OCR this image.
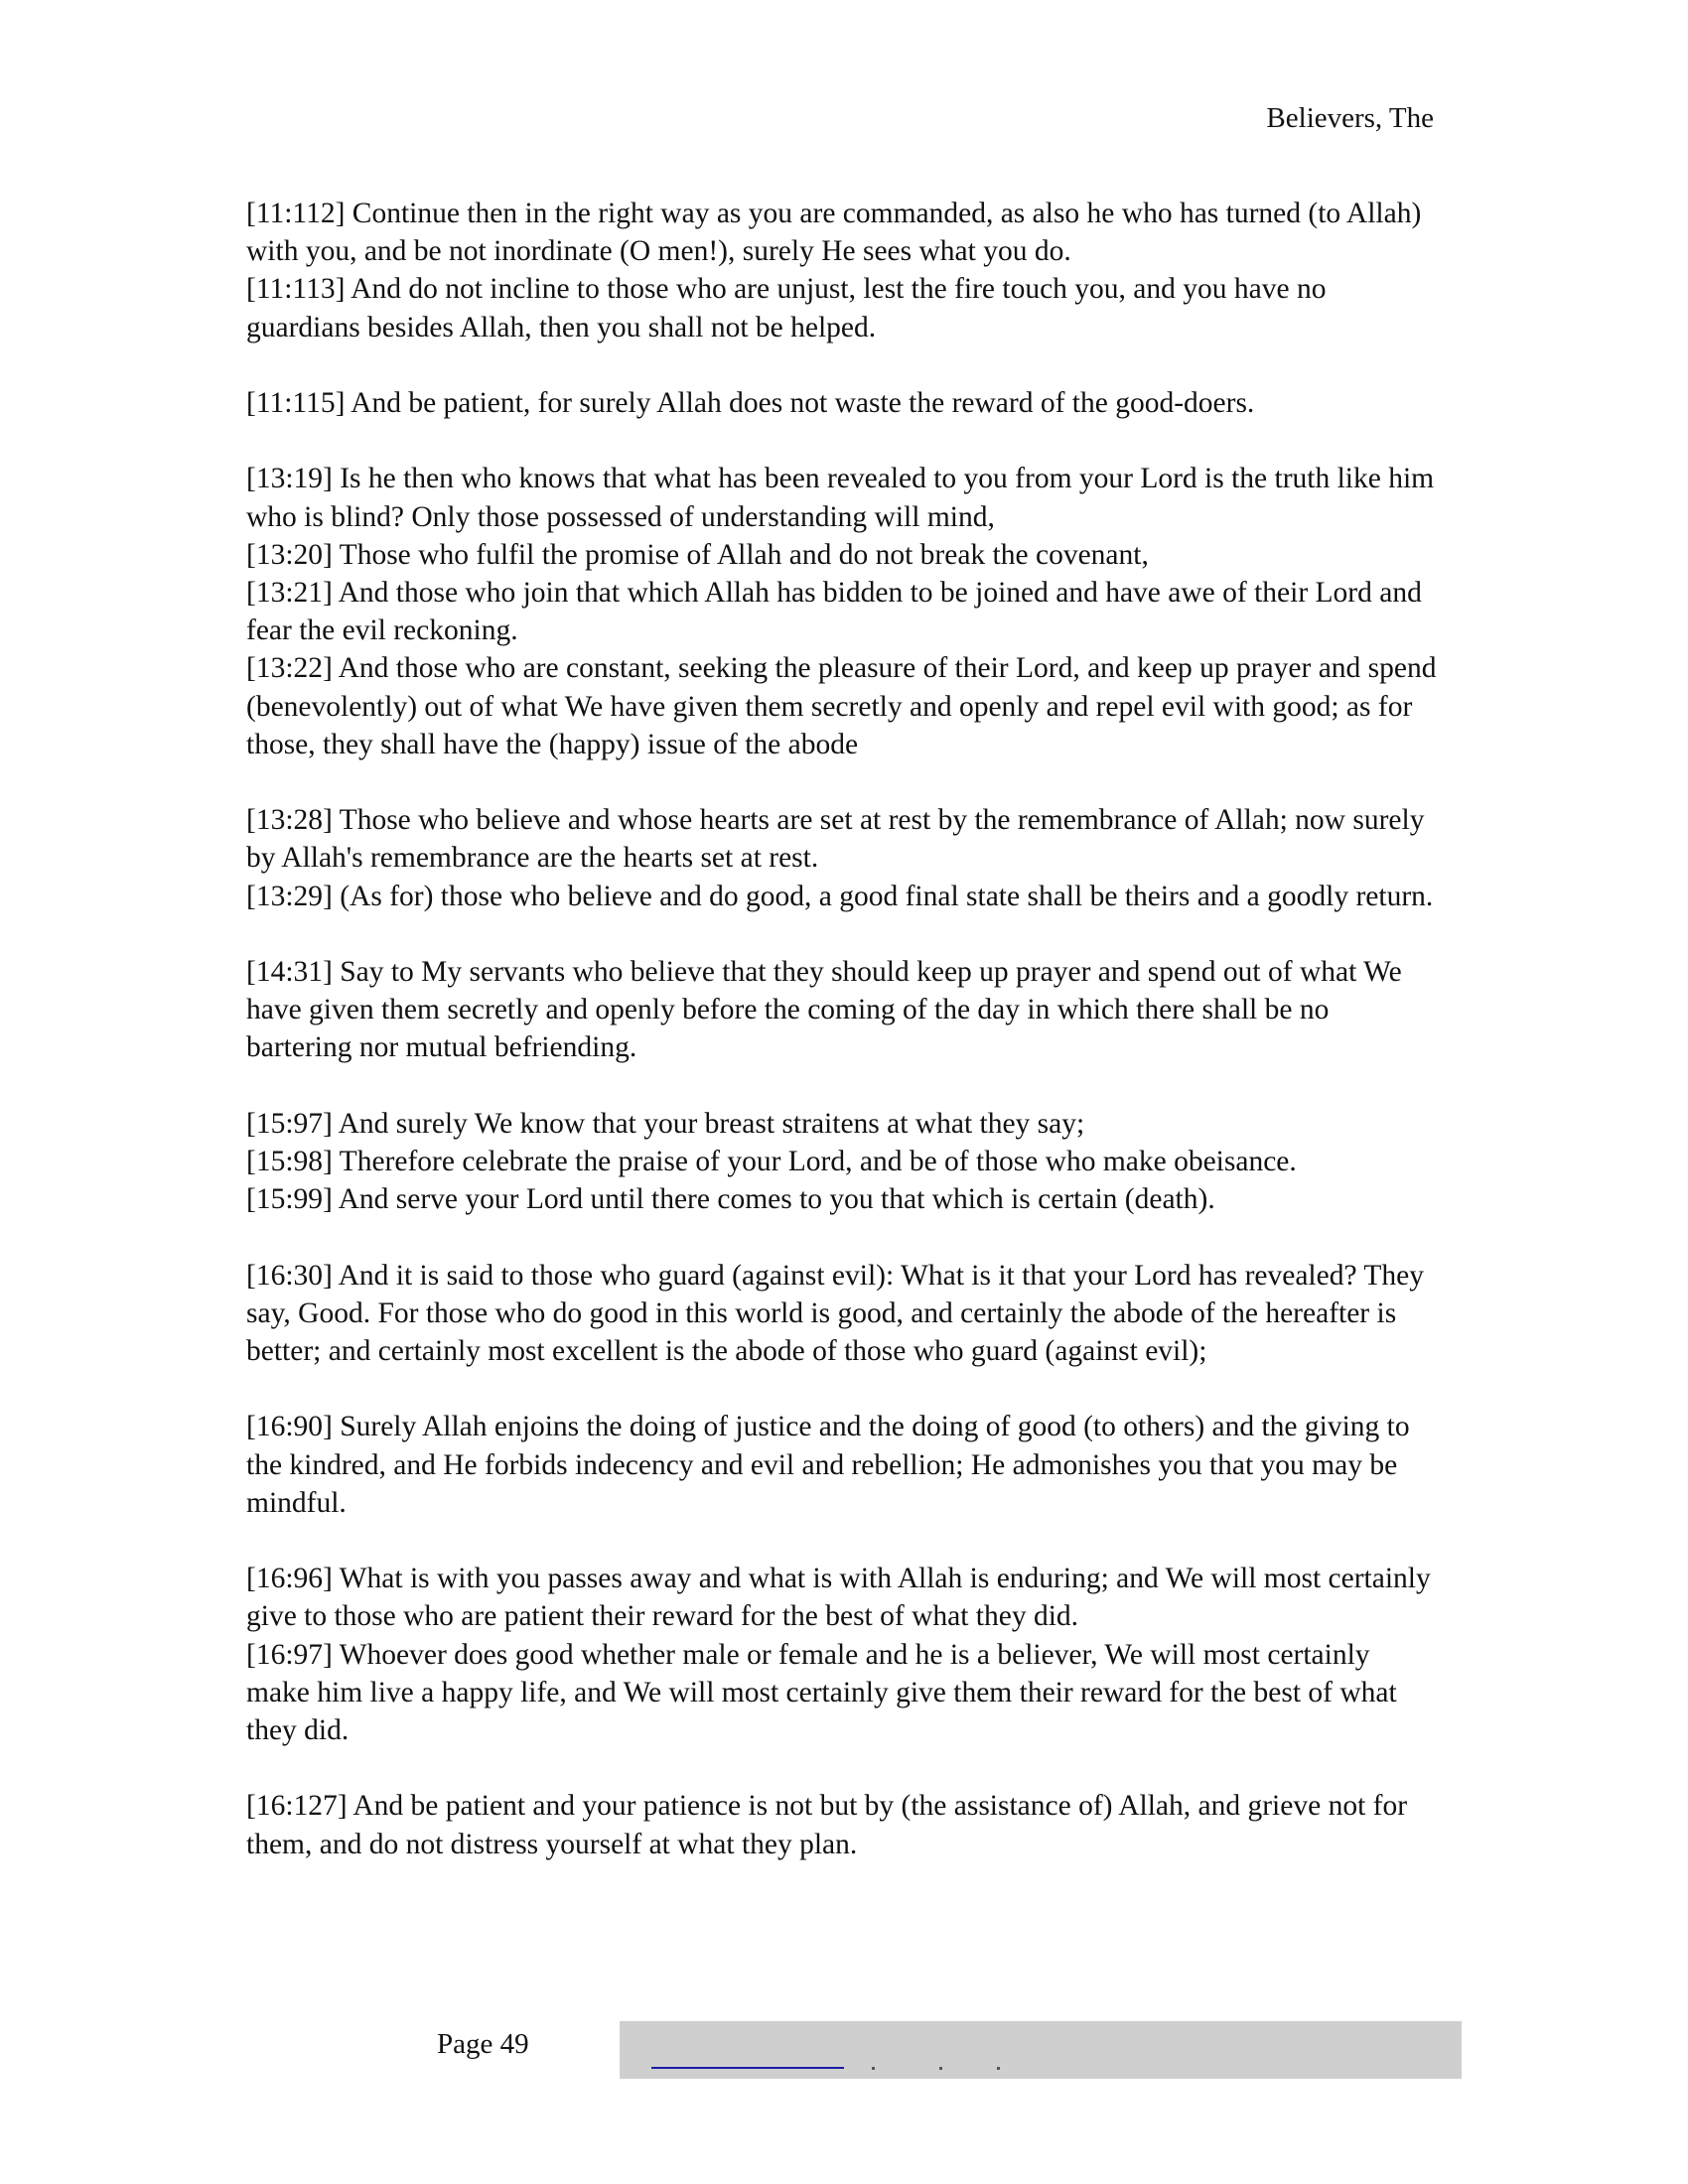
Believers, The

[11:112] Continue then in the right way as you are commanded, as also he who has turned (to Allah) with you, and be not inordinate (O men!), surely He sees what you do.

[11:113] And do not incline to those who are unjust, lest the fire touch you, and you have no guardians besides Allah, then you shall not be helped.

[11:115] And be patient, for surely Allah does not waste the reward of the good-doers.

[13:19] Is he then who knows that what has been revealed to you from your Lord is the truth like him who is blind? Only those possessed of understanding will mind,

[13:20] Those who fulfil the promise of Allah and do not break the covenant,

[13:21] And those who join that which Allah has bidden to be joined and have awe of their Lord and fear the evil reckoning.

[13:22] And those who are constant, seeking the pleasure of their Lord, and keep up prayer and spend (benevolently) out of what We have given them secretly and openly and repel evil with good; as for those, they shall have the (happy) issue of the abode

[13:28] Those who believe and whose hearts are set at rest by the remembrance of Allah; now surely by Allah's remembrance are the hearts set at rest.

[13:29] (As for) those who believe and do good, a good final state shall be theirs and a goodly return.

[14:31] Say to My servants who believe that they should keep up prayer and spend out of what We have given them secretly and openly before the coming of the day in which there shall be no bartering nor mutual befriending.

[15:97] And surely We know that your breast straitens at what they say;

[15:98] Therefore celebrate the praise of your Lord, and be of those who make obeisance.

[15:99] And serve your Lord until there comes to you that which is certain (death).

[16:30] And it is said to those who guard (against evil): What is it that your Lord has revealed? They say, Good. For those who do good in this world is good, and certainly the abode of the hereafter is better; and certainly most excellent is the abode of those who guard (against evil);

[16:90] Surely Allah enjoins the doing of justice and the doing of good (to others) and the giving to the kindred, and He forbids indecency and evil and rebellion; He admonishes you that you may be mindful.

[16:96] What is with you passes away and what is with Allah is enduring; and We will most certainly give to those who are patient their reward for the best of what they did.

[16:97] Whoever does good whether male or female and he is a believer, We will most certainly make him live a happy life, and We will most certainly give them their reward for the best of what they did.

[16:127] And be patient and your patience is not but by (the assistance of) Allah, and grieve not for them, and do not distress yourself at what they plan.

Page 49
